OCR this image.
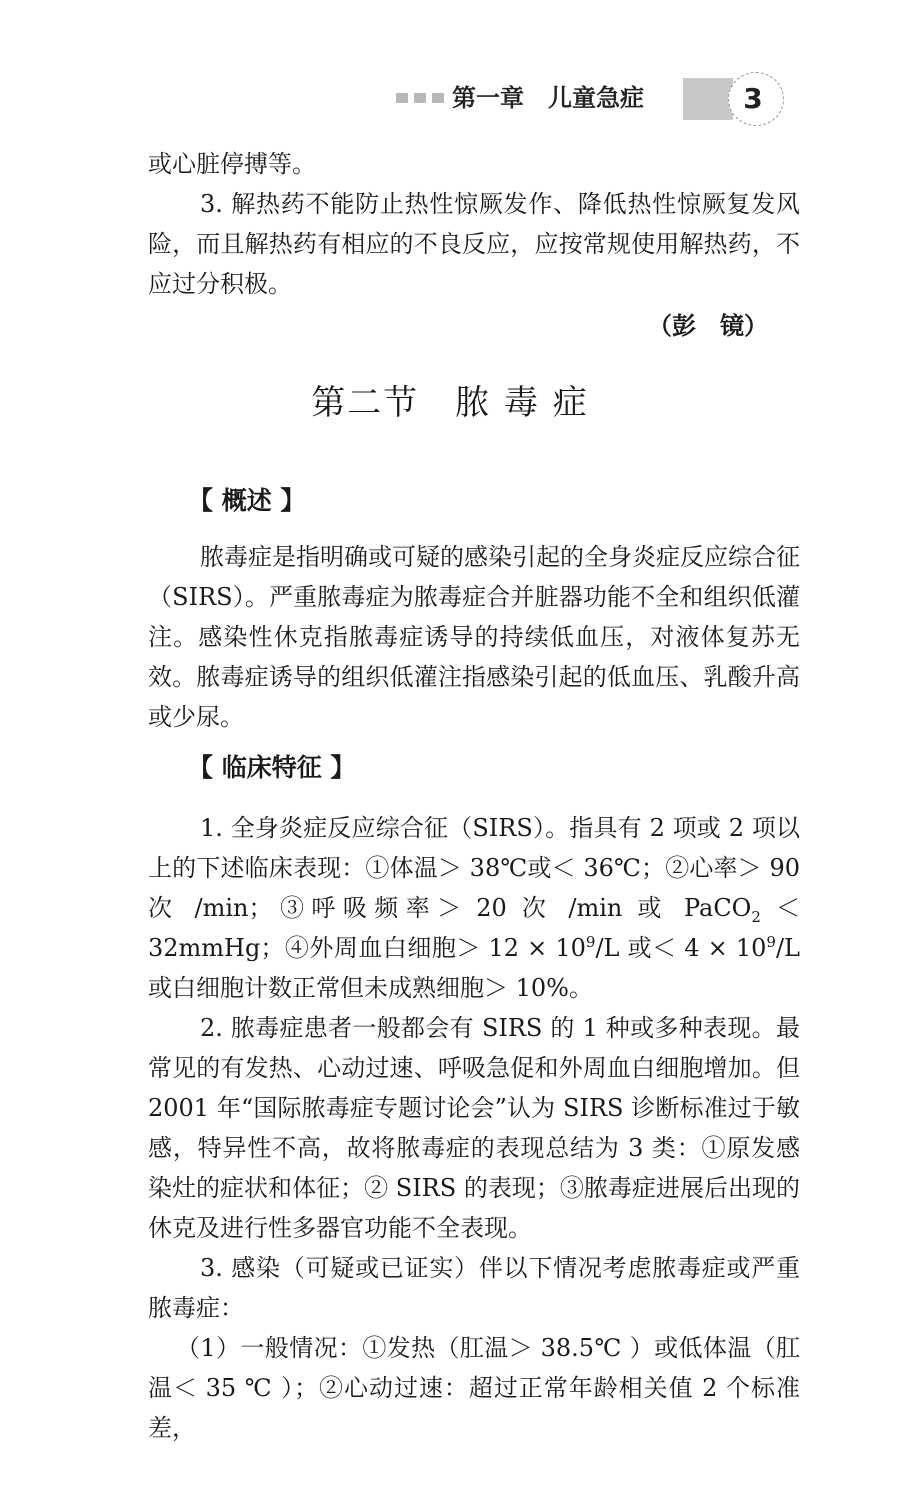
第一章 儿童急症	3

或心脏停搏等。

3. 解热药不能防止热性惊厥发作、降低热性惊厥复发风险，而且解热药有相应的不良反应，应按常规使用解热药，不应过分积极。

（彭　镜）
第二节　脓 毒 症
【 概述 】

脓毒症是指明确或可疑的感染引起的全身炎症反应综合征（SIRS）。严重脓毒症为脓毒症合并脏器功能不全和组织低灌注。感染性休克指脓毒症诱导的持续低血压，对液体复苏无效。脓毒症诱导的组织低灌注指感染引起的低血压、乳酸升高或少尿。

【 临床特征 】

1. 全身炎症反应综合征（SIRS）。指具有 2 项或 2 项以上的下述临床表现：①体温＞ 38℃或＜ 36℃；②心率＞ 90 次 /min；③呼吸频率＞ 20 次 /min 或 PaCO$_2$ ＜ 32mmHg；④外周血白细胞＞ $12 \times 10^9/L$ 或＜ $4 \times 10^9/L$ 或白细胞计数正常但未成熟细胞＞ 10%。

2. 脓毒症患者一般都会有 SIRS 的 1 种或多种表现。最常见的有发热、心动过速、呼吸急促和外周血白细胞增加。但 2001 年“国际脓毒症专题讨论会”认为 SIRS 诊断标准过于敏感，特异性不高，故将脓毒症的表现总结为 3 类：①原发感染灶的症状和体征；② SIRS 的表现；③脓毒症进展后出现的休克及进行性多器官功能不全表现。

3. 感染（可疑或已证实）伴以下情况考虑脓毒症或严重脓毒症：

（1）一般情况：①发热（肛温＞ 38.5℃ ）或低体温（肛温＜ 35 ℃ ）；②心动过速：超过正常年龄相关值 2 个标准差，
